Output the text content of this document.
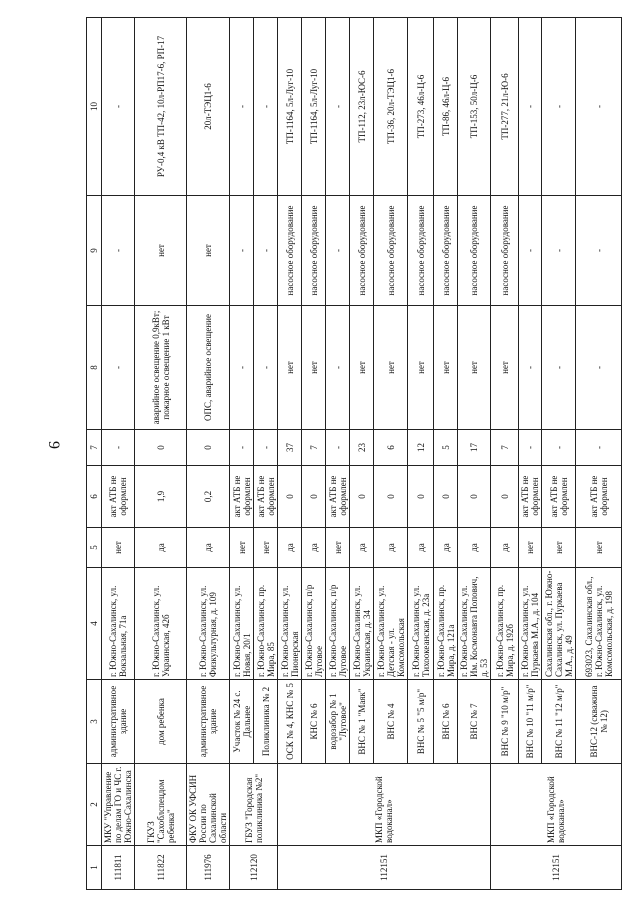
9
1	2	3	4	5	6	7	8	9	10
111811	МКУ "Управление по делам ГО и ЧС г. Южно-Сахалинска	административное здание	г. Южно-Сахалинск, ул. Вокзальная, 71а	нет	акт АТБ не оформлен	-	-	-	-
111822	ГКУЗ "Сахоблспецдом ребенка"	дом ребенка	г. Южно-Сахалинск, ул. Украинская, 42б	да	1,9	0	аварийное освещение 0,9кВт; пожарное освещение 1 кВт	нет	РУ-0,4 кВ ТП-42, 10л-РП17-6, РП-17
111976	ФКУ ОК УФСИН России по Сахалинской области	административное здание	г. Южно-Сахалинск, ул. Физкультурная, д. 109	да	0,2	0	ОПС, аварийное освещение	нет	20л-ТЭЦ1-6
112120	ГБУЗ "Городская поликлиника №2"	Участок № 24 с. Дальнее	г. Южно-Сахалинск, ул. Новая, 20/1	нет	акт АТБ не оформлен	-	-	-	-
		Поликлиника № 2	г. Южно-Сахалинск, пр. Мира, 85	нет	акт АТБ не оформлен	-	-	-	-
112151	МКП «Городской водоканал»	ОСК № 4, КНС № 5	г. Южно-Сахалинск, ул. Пионерская	да	0	37	нет	насосное оборудование	ТП-1164, 5л-Луг-10
		КНС № 6	г. Южно-Сахалинск, п/р Луговое	да	0	7	нет	насосное оборудование	ТП-1164, 5л-Луг-10
		водозабор № 1 "Луговое"	г. Южно-Сахалинск, п/р Луговое	нет	акт АТБ не оформлен	-	-	-	-
		ВНС № 1 "Маяк"	г. Южно-Сахалинск, ул. Украинская, д. 34	да	0	23	нет	насосное оборудование	ТП-112, 23л-ЮС-6
		ВНС № 4	г. Южно-Сахалинск, ул. Детская - ул. Комсомольская	да	0	6	нет	насосное оборудование	ТП-36, 20л-ТЭЦ1-6
		ВНС № 5 "5 м/р"	г. Южно-Сахалинск, ул. Тихоокеанская, д. 23а	да	0	12	нет	насосное оборудование	ТП-273, 46л-Ц-6
		ВНС № 6	г. Южно-Сахалинск, пр. Мира, д. 121а	да	0	5	нет	насосное оборудование	ТП-86, 46л-Ц-6
		ВНС № 7	г. Южно-Сахалинск, ул. Им. Космонавта Попович, д. 53	да	0	17	нет	насосное оборудование	ТП-153, 50л-Ц-6
112151	МКП «Городской водоканал»	ВНС № 9 "10 м/р"	г. Южно-Сахалинск, пр. Мира, д. 192б	да	0	7	нет	насосное оборудование	ТП-277, 21л-Ю-6
		ВНС № 10 "11 м/р"	г. Южно-Сахалинск, ул. Пуркаева М.А., д. 104	нет	акт АТБ не оформлен	-	-	-	-
		ВНС № 11 "12 м/р"	Сахалинская обл., г. Южно-Сахалинск, ул. Пуркаева М.А., д. 49	нет	акт АТБ не оформлен	-	-	-	-
		ВНС-12 (скважина № 12)	693023, Сахалинская обл., г. Южно-Сахалинск, ул. Комсомольская, д. 198	нет	акт АТБ не оформлен	-	-	-	-
